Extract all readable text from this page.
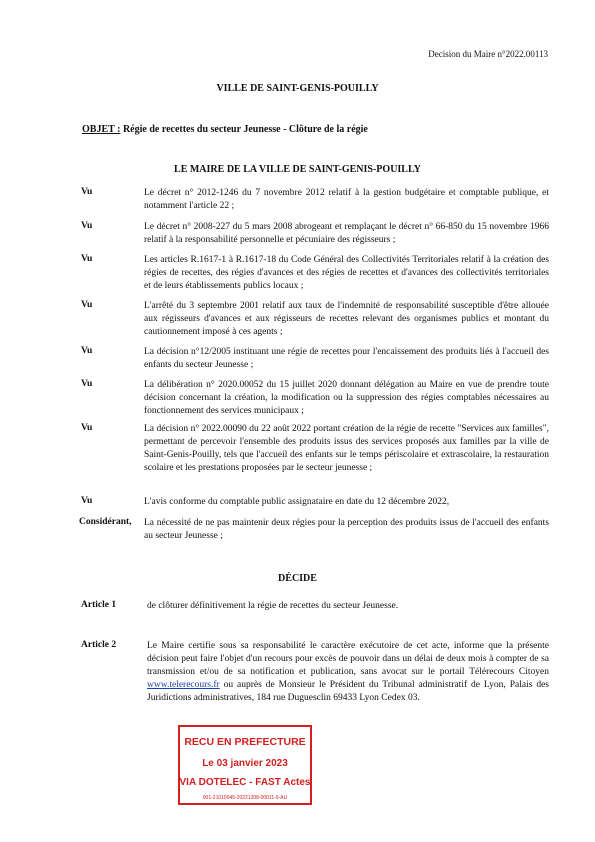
Decision du Maire n°2022.00113
VILLE DE SAINT-GENIS-POUILLY
OBJET : Régie de recettes du secteur Jeunesse - Clôture de la régie
LE MAIRE DE LA VILLE DE SAINT-GENIS-POUILLY
Vu	Le décret n° 2012-1246 du 7 novembre 2012 relatif à la gestion budgétaire et comptable publique, et notamment l'article 22 ;
Vu	Le décret n° 2008-227 du 5 mars 2008 abrogeant et remplaçant le décret n° 66-850 du 15 novembre 1966 relatif à la responsabilité personnelle et pécuniaire des régisseurs ;
Vu	Les articles R.1617-1 à R.1617-18 du Code Général des Collectivités Territoriales relatif à la création des régies de recettes, des régies d'avances et des régies de recettes et d'avances des collectivités territoriales et de leurs établissements publics locaux ;
Vu	L'arrêté du 3 septembre 2001 relatif aux taux de l'indemnité de responsabilité susceptible d'être allouée aux régisseurs d'avances et aux régisseurs de recettes relevant des organismes publics et montant du cautionnement imposé à ces agents ;
Vu	La décision n°12/2005 instituant une régie de recettes pour l'encaissement des produits liés à l'accueil des enfants du secteur Jeunesse ;
Vu	La délibération n° 2020.00052 du 15 juillet 2020 donnant délégation au Maire en vue de prendre toute décision concernant la création, la modification ou la suppression des régies comptables nécessaires au fonctionnement des services municipaux ;
Vu	La décision n° 2022.00090 du 22 août 2022 portant création de la régie de recette "Services aux familles", permettant de percevoir l'ensemble des produits issus des services proposés aux familles par la ville de Saint-Genis-Pouilly, tels que l'accueil des enfants sur le temps périscolaire et extrascolaire, la restauration scolaire et les prestations proposées par le secteur jeunesse ;
Vu	L'avis conforme du comptable public assignataire en date du 12 décembre 2022,
Considérant, La nécessité de ne pas maintenir deux régies pour la perception des produits issus de l'accueil des enfants au secteur Jeunesse ;
DÉCIDE
Article 1	de clôturer définitivement la régie de recettes du secteur Jeunesse.
Article 2	Le Maire certifie sous sa responsabilité le caractère exécutoire de cet acte, informe que la présente décision peut faire l'objet d'un recours pour excès de pouvoir dans un délai de deux mois à compter de sa transmission et/ou de sa notification et publication, sans avocat sur le portail Télérecours Citoyen www.telerecours.fr ou auprès de Monsieur le Président du Tribunal administratif de Lyon, Palais des Juridictions administratives, 184 rue Duguesclin 69433 Lyon Cedex 03.
RECU EN PREFECTURE
Le 03 janvier 2023
VIA DOTELEC - FAST Actes
001-21010045-20221208-00011-9-AU
